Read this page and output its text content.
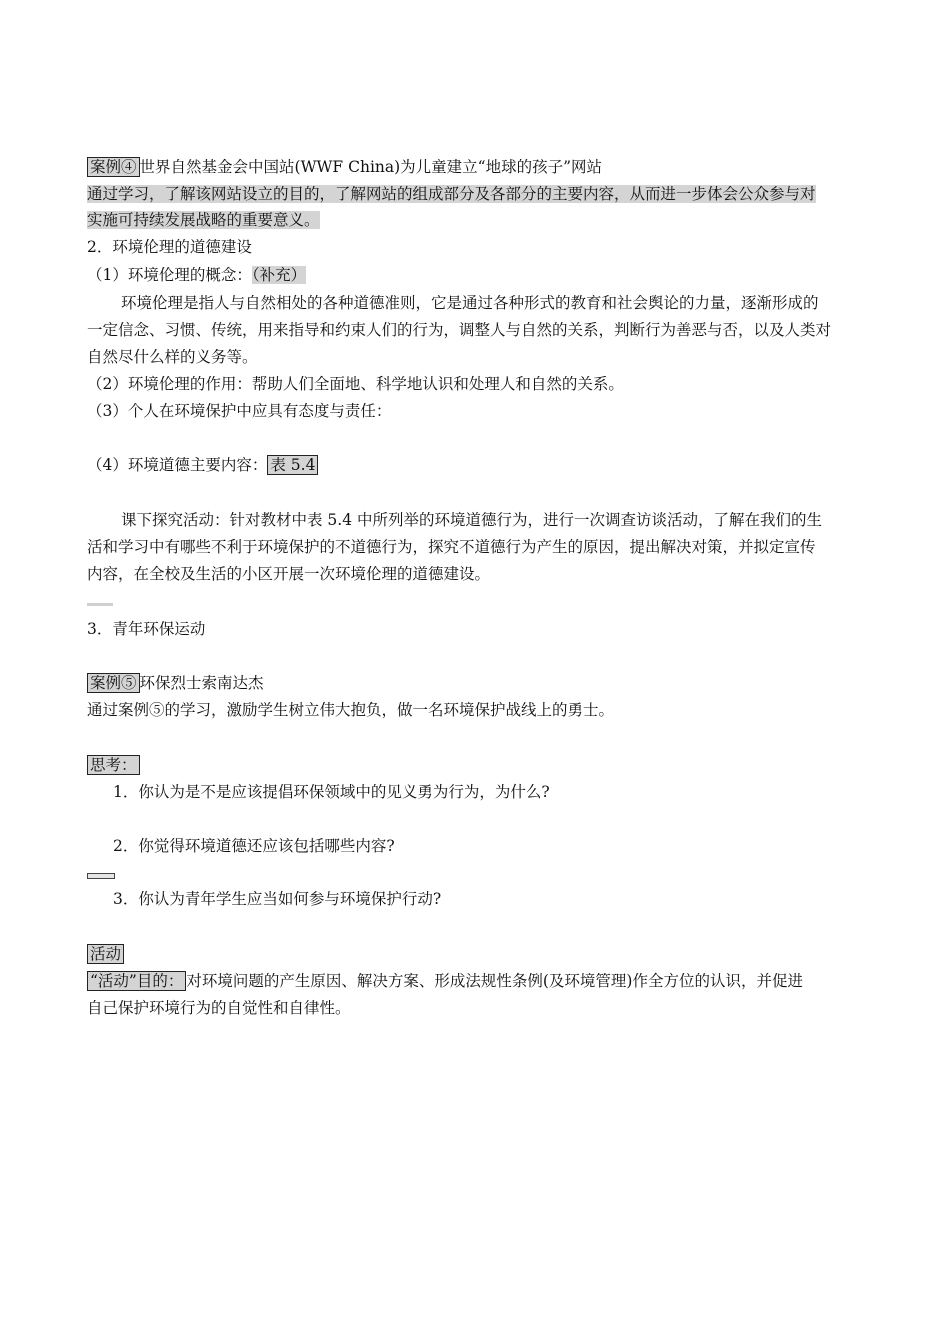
案例④ 世界自然基金会中国站(WWF China)为儿童建立“地球的孩子”网站
通过学习，了解该网站设立的目的，了解网站的组成部分及各部分的主要内容，从而进一步体会公众参与对
实施可持续发展战略的重要意义。
2．环境伦理的道德建设
（1）环境伦理的概念：（补充）
环境伦理是指人与自然相处的各种道德准则，它是通过各种形式的教育和社会舆论的力量，逐渐形成的
一定信念、习惯、传统，用来指导和约束人们的行为，调整人与自然的关系，判断行为善恶与否，以及人类对
自然尽什么样的义务等。
（2）环境伦理的作用：帮助人们全面地、科学地认识和处理人和自然的关系。
（3）个人在环境保护中应具有态度与责任：
（4）环境道德主要内容： 表 5.4
课下探究活动：针对教材中表 5.4 中所列举的环境道德行为，进行一次调查访谈活动，了解在我们的生
活和学习中有哪些不利于环境保护的不道德行为，探究不道德行为产生的原因，提出解决对策，并拟定宣传
内容，在全校及生活的小区开展一次环境伦理的道德建设。
3．青年环保运动
案例⑤ 环保烈士索南达杰
通过案例⑤的学习，激励学生树立伟大抱负，做一名环境保护战线上的勇士。
思考：
1．你认为是不是应该提倡环保领域中的见义勇为行为，为什么?
2．你觉得环境道德还应该包括哪些内容?
3．你认为青年学生应当如何参与环境保护行动?
活动
“活动”目的： 对环境问题的产生原因、解决方案、形成法规性条例(及环境管理)作全方位的认识，并促进
自己保护环境行为的自觉性和自律性。
